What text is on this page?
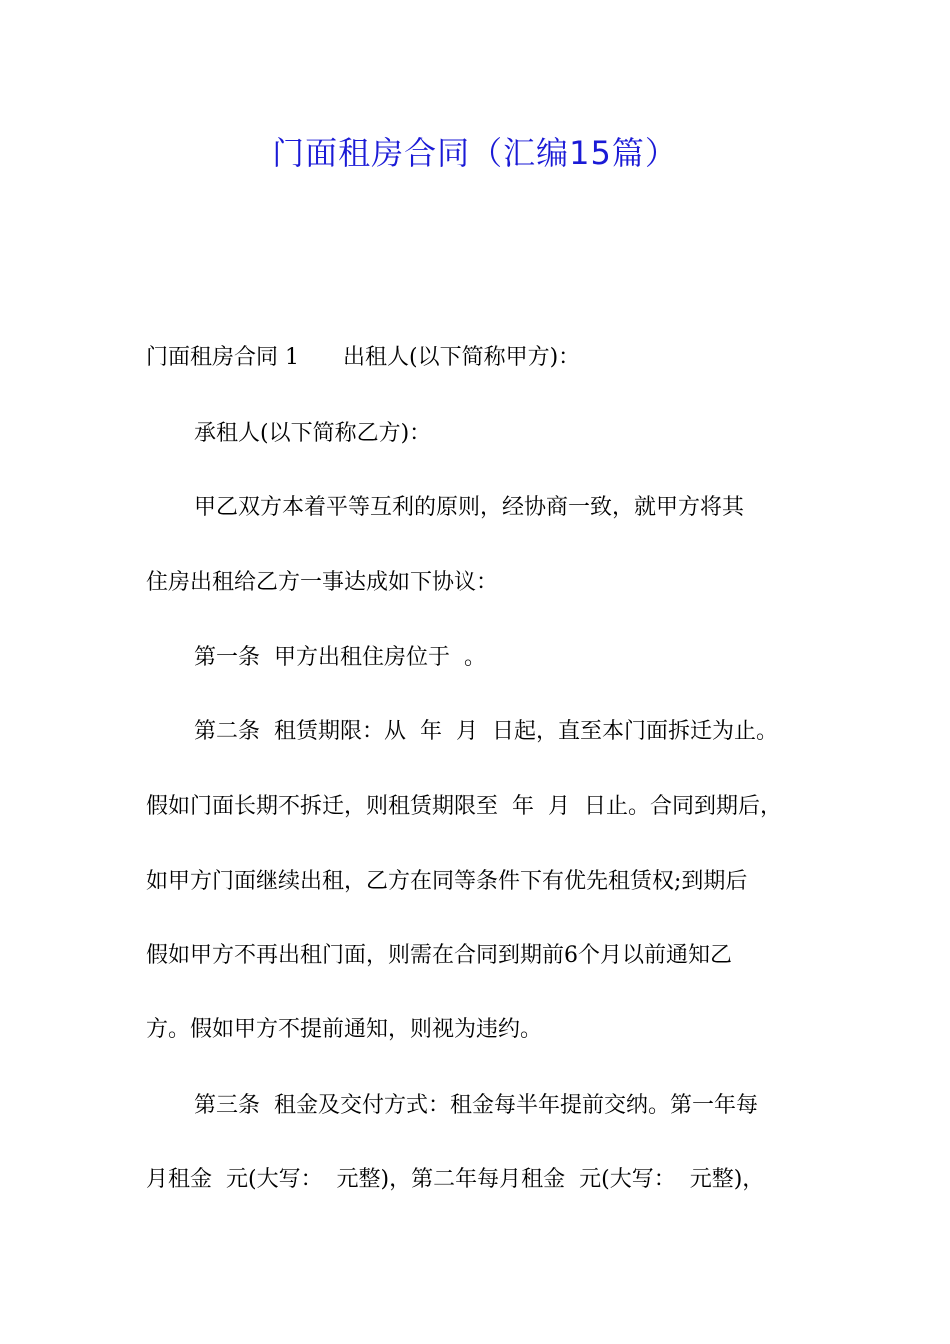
门面租房合同（汇编15篇）
门面租房合同 1　　出租人(以下简称甲方)：
承租人(以下简称乙方)：
甲乙双方本着平等互利的原则，经协商一致，就甲方将其
住房出租给乙方一事达成如下协议：
第一条  甲方出租住房位于  。
第二条  租赁期限：从  年  月  日起，直至本门面拆迁为止。
假如门面长期不拆迁，则租赁期限至  年  月  日止。合同到期后，
如甲方门面继续出租，乙方在同等条件下有优先租赁权;到期后
假如甲方不再出租门面，则需在合同到期前6个月以前通知乙
方。假如甲方不提前通知，则视为违约。
第三条  租金及交付方式：租金每半年提前交纳。第一年每
月租金  元(大写：  元整)，第二年每月租金  元(大写：  元整)，
